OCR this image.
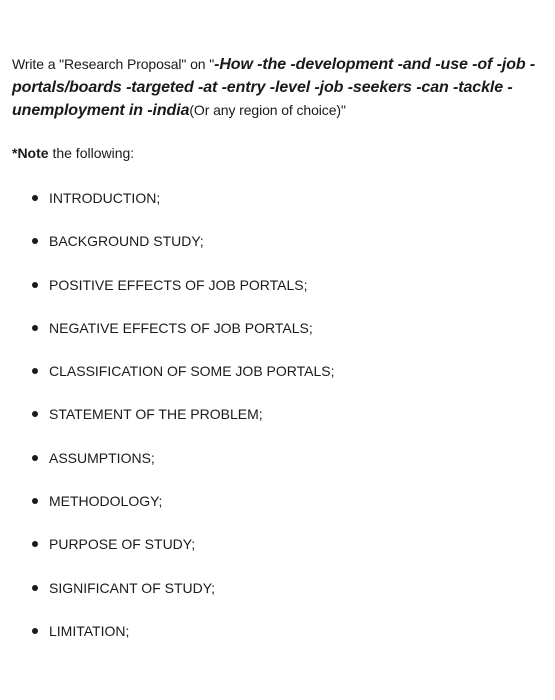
Write a "Research Proposal" on "-How -the -development -and -use -of -job -portals/boards -targeted -at -entry -level -job -seekers -can -tackle -unemployment in -india(Or any region of choice)"

*Note the following:

INTRODUCTION;
BACKGROUND STUDY;
POSITIVE EFFECTS OF JOB PORTALS;
NEGATIVE EFFECTS OF JOB PORTALS;
CLASSIFICATION OF SOME JOB PORTALS;
STATEMENT OF THE PROBLEM;
ASSUMPTIONS;
METHODOLOGY;
PURPOSE OF STUDY;
SIGNIFICANT OF STUDY;
LIMITATION;
